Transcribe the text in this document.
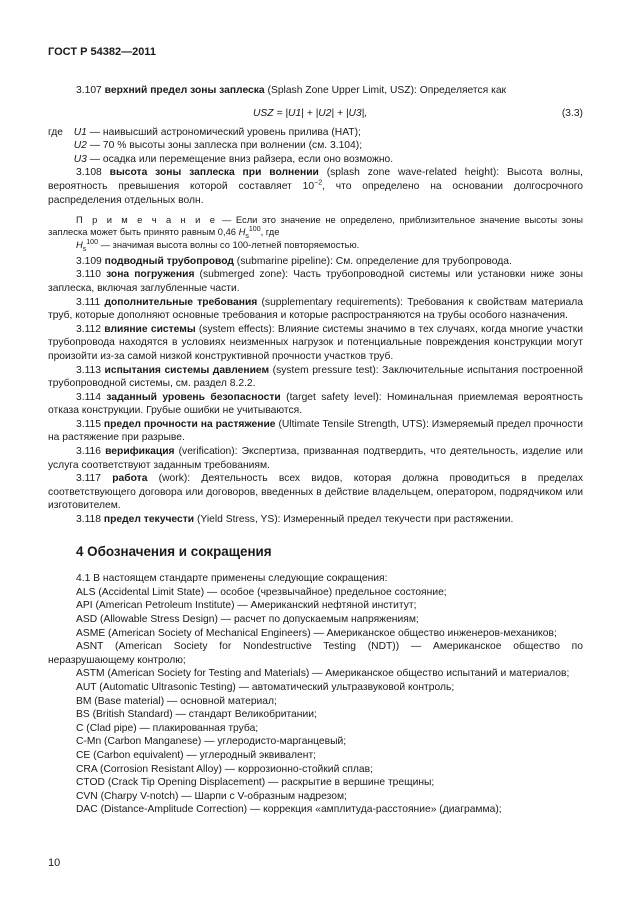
ГОСТ Р 54382—2011

3.107 верхний предел зоны заплеска (Splash Zone Upper Limit, USZ): Определяется как

USZ = |U1| + |U2| + |U3|,	(3.3)
где	U1 — наивысший астрономический уровень прилива (НАТ);
U2 — 70 % высоты зоны заплеска при волнении (см. 3.104);
U3 — осадка или перемещение вниз райзера, если оно возможно.

3.108 высота зоны заплеска при волнении (splash zone wave-related height): Высота волны, вероятность превышения которой составляет $10^{-2}$, что определено на основании долгосрочного распределения отдельных волн.

П р и м е ч а н и е — Если это значение не определено, приблизительное значение высоты зоны заплеска может быть принято равным 0,46 $H_s^{100}$, где

$H_s^{100}$ — значимая высота волны со 100-летней повторяемостью.

3.109 подводный трубопровод (submarine pipeline): См. определение для трубопровода.

3.110 зона погружения (submerged zone): Часть трубопроводной системы или установки ниже зоны заплеска, включая заглубленные части.

3.111 дополнительные требования (supplementary requirements): Требования к свойствам материала труб, которые дополняют основные требования и которые распространяются на трубы особого назначения.

3.112 влияние системы (system effects): Влияние системы значимо в тех случаях, когда многие участки трубопровода находятся в условиях неизменных нагрузок и потенциальные повреждения конструкции могут произойти из-за самой низкой конструктивной прочности участков труб.

3.113 испытания системы давлением (system pressure test): Заключительные испытания построенной трубопроводной системы, см. раздел 8.2.2.

3.114 заданный уровень безопасности (target safety level): Номинальная приемлемая вероятность отказа конструкции. Грубые ошибки не учитываются.

3.115 предел прочности на растяжение (Ultimate Tensile Strength, UTS): Измеряемый предел прочности на растяжение при разрыве.

3.116 верификация (verification): Экспертиза, призванная подтвердить, что деятельность, изделие или услуга соответствуют заданным требованиям.

3.117 работа (work): Деятельность всех видов, которая должна проводиться в пределах соответствующего договора или договоров, введенных в действие владельцем, оператором, подрядчиком или изготовителем.

3.118 предел текучести (Yield Stress, YS): Измеренный предел текучести при растяжении.

4 Обозначения и сокращения

4.1 В настоящем стандарте применены следующие сокращения:

ALS (Accidental Limit State) — особое (чрезвычайное) предельное состояние;

API (American Petroleum Institute) — Американский нефтяной институт;

ASD (Allowable Stress Design) — расчет по допускаемым напряжениям;

ASME (American Society of Mechanical Engineers) — Американское общество инженеров-механиков;

ASNT (American Society for Nondestructive Testing (NDT)) — Американское общество по неразрушающему контролю;

ASTM (American Society for Testing and Materials) — Американское общество испытаний и материалов;

AUT (Automatic Ultrasonic Testing) — автоматический ультразвуковой контроль;

BM (Base material) — основной материал;

BS (British Standard) — стандарт Великобритании;

C (Clad pipe) — плакированная труба;

C-Mn (Carbon Manganese) — углеродисто-марганцевый;

CE (Carbon equivalent) — углеродный эквивалент;

CRA (Corrosion Resistant Alloy) — коррозионно-стойкий сплав;

CTOD (Crack Tip Opening Displacement) — раскрытие в вершине трещины;

CVN (Charpy V-notch) — Шарпи с V-образным надрезом;

DAC (Distance-Amplitude Correction) — коррекция «амплитуда-расстояние» (диаграмма);

10
